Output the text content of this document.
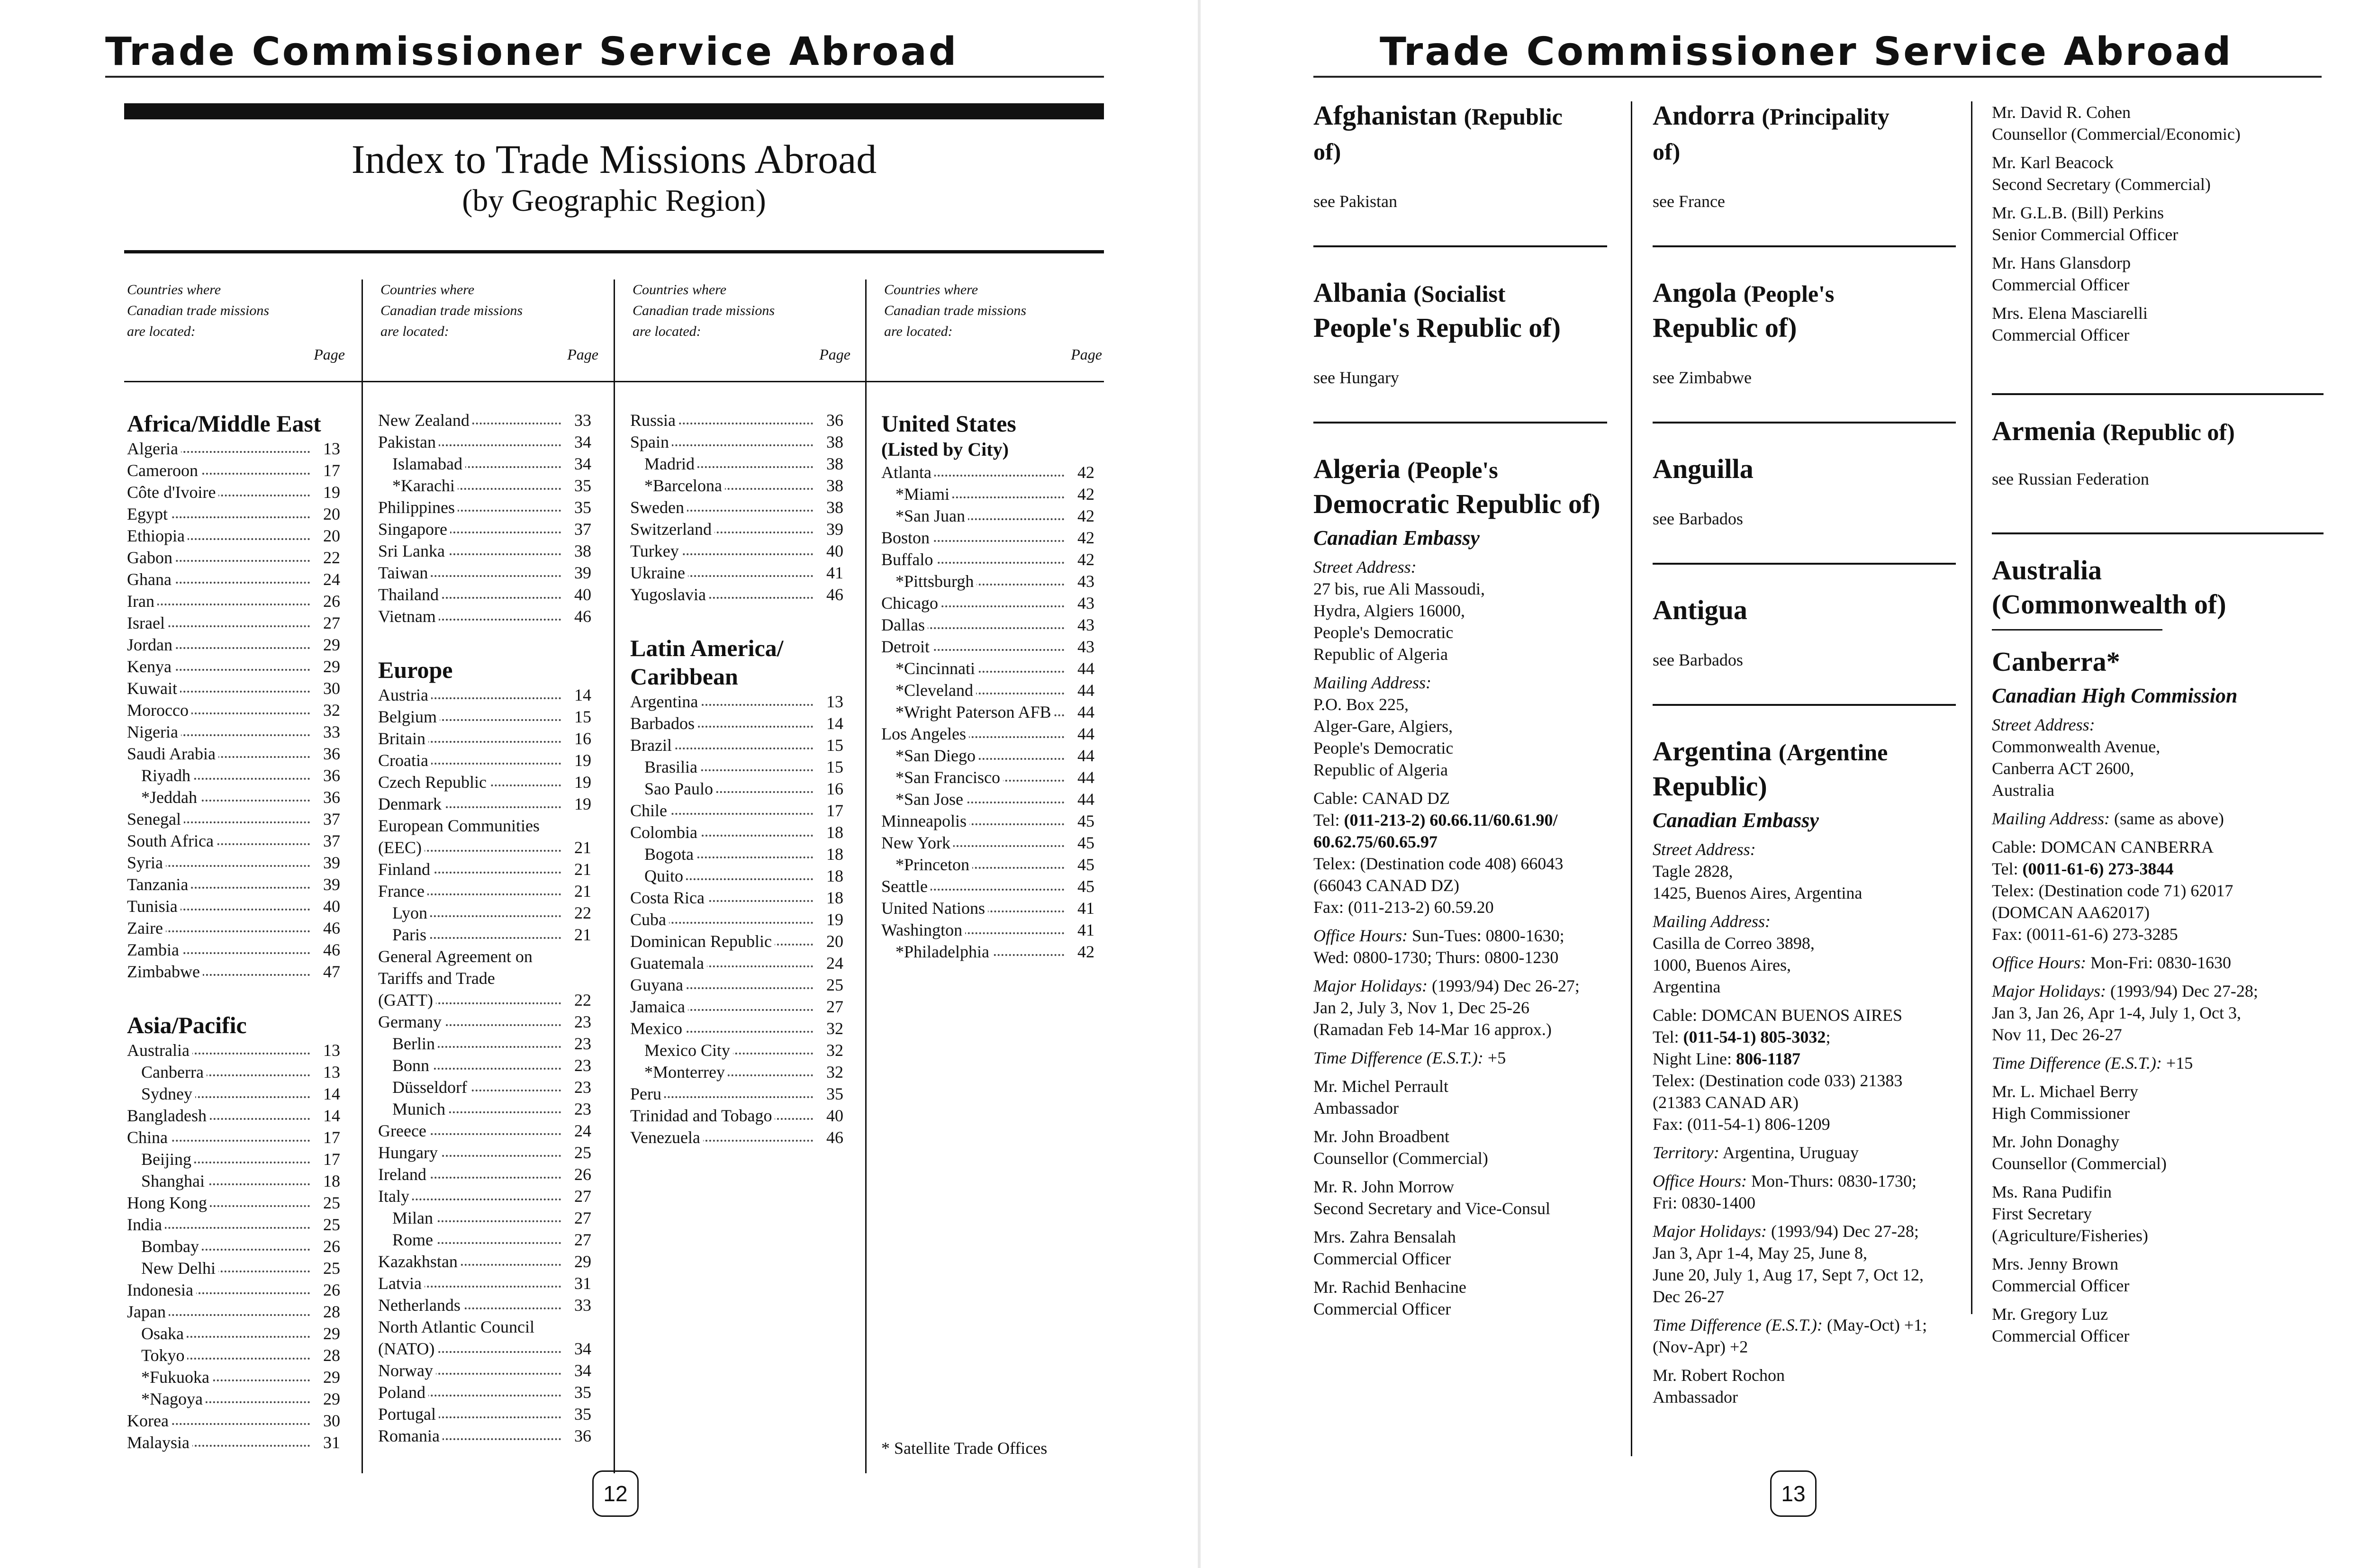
Trade Commissioner Service Abroad
Index to Trade Missions Abroad
(by Geographic Region)
Countries where
Canadian trade missions
are located:
Page
Countries where
Canadian trade missions
are located:
Page
Countries where
Canadian trade missions
are located:
Page
Countries where
Canadian trade missions
are located:
Page
Africa/Middle East
Algeria	13
Cameroon	17
Côte d'Ivoire	19
Egypt	20
Ethiopia	20
Gabon	22
Ghana	24
Iran	26
Israel	27
Jordan	29
Kenya	29
Kuwait	30
Morocco	32
Nigeria	33
Saudi Arabia	36
Riyadh	36
*Jeddah	36
Senegal	37
South Africa	37
Syria	39
Tanzania	39
Tunisia	40
Zaire	46
Zambia	46
Zimbabwe	47
Asia/Pacific
Australia	13
Canberra	13
Sydney	14
Bangladesh	14
China	17
Beijing	17
Shanghai	18
Hong Kong	25
India	25
Bombay	26
New Delhi	25
Indonesia	26
Japan	28
Osaka	29
Tokyo	28
*Fukuoka	29
*Nagoya	29
Korea	30
Malaysia	31
New Zealand	33
Pakistan	34
Islamabad	34
*Karachi	35
Philippines	35
Singapore	37
Sri Lanka	38
Taiwan	39
Thailand	40
Vietnam	46
Europe
Austria	14
Belgium	15
Britain	16
Croatia	19
Czech Republic	19
Denmark	19
European Communities
(EEC)	21
Finland	21
France	21
Lyon	22
Paris	21
General Agreement on
Tariffs and Trade
(GATT)	22
Germany	23
Berlin	23
Bonn	23
Düsseldorf	23
Munich	23
Greece	24
Hungary	25
Ireland	26
Italy	27
Milan	27
Rome	27
Kazakhstan	29
Latvia	31
Netherlands	33
North Atlantic Council
(NATO)	34
Norway	34
Poland	35
Portugal	35
Romania	36
Russia	36
Spain	38
Madrid	38
*Barcelona	38
Sweden	38
Switzerland	39
Turkey	40
Ukraine	41
Yugoslavia	46
Latin America/
Caribbean
Argentina	13
Barbados	14
Brazil	15
Brasilia	15
Sao Paulo	16
Chile	17
Colombia	18
Bogota	18
Quito	18
Costa Rica	18
Cuba	19
Dominican Republic	20
Guatemala	24
Guyana	25
Jamaica	27
Mexico	32
Mexico City	32
*Monterrey	32
Peru	35
Trinidad and Tobago	40
Venezuela	46
United States
(Listed by City)
Atlanta	42
*Miami	42
*San Juan	42
Boston	42
Buffalo	42
*Pittsburgh	43
Chicago	43
Dallas	43
Detroit	43
*Cincinnati	44
*Cleveland	44
*Wright Paterson AFB	44
Los Angeles	44
*San Diego	44
*San Francisco	44
*San Jose	44
Minneapolis	45
New York	45
*Princeton	45
Seattle	45
United Nations	41
Washington	41
*Philadelphia	42
* Satellite Trade Offices
12
Trade Commissioner Service Abroad
Afghanistan (Republic
of)
see Pakistan
Albania (Socialist
People's Republic of)
see Hungary
Algeria (People's
Democratic Republic of)
Canadian Embassy
Street Address:
27 bis, rue Ali Massoudi,
Hydra, Algiers 16000,
People's Democratic
Republic of Algeria
Mailing Address:
P.O. Box 225,
Alger-Gare, Algiers,
People's Democratic
Republic of Algeria
Cable: CANAD DZ
Tel: (011-213-2) 60.66.11/60.61.90/
60.62.75/60.65.97
Telex: (Destination code 408) 66043
(66043 CANAD DZ)
Fax: (011-213-2) 60.59.20
Office Hours: Sun-Tues: 0800-1630;
Wed: 0800-1730; Thurs: 0800-1230
Major Holidays: (1993/94) Dec 26-27;
Jan 2, July 3, Nov 1, Dec 25-26
(Ramadan Feb 14-Mar 16 approx.)
Time Difference (E.S.T.): +5
Mr. Michel Perrault
Ambassador
Mr. John Broadbent
Counsellor (Commercial)
Mr. R. John Morrow
Second Secretary and Vice-Consul
Mrs. Zahra Bensalah
Commercial Officer
Mr. Rachid Benhacine
Commercial Officer
Andorra (Principality
of)
see France
Angola (People's
Republic of)
see Zimbabwe
Anguilla
see Barbados
Antigua
see Barbados
Argentina (Argentine
Republic)
Canadian Embassy
Street Address:
Tagle 2828,
1425, Buenos Aires, Argentina
Mailing Address:
Casilla de Correo 3898,
1000, Buenos Aires,
Argentina
Cable: DOMCAN BUENOS AIRES
Tel: (011-54-1) 805-3032;
Night Line: 806-1187
Telex: (Destination code 033) 21383
(21383 CANAD AR)
Fax: (011-54-1) 806-1209
Territory: Argentina, Uruguay
Office Hours: Mon-Thurs: 0830-1730;
Fri: 0830-1400
Major Holidays: (1993/94) Dec 27-28;
Jan 3, Apr 1-4, May 25, June 8,
June 20, July 1, Aug 17, Sept 7, Oct 12,
Dec 26-27
Time Difference (E.S.T.): (May-Oct) +1;
(Nov-Apr) +2
Mr. Robert Rochon
Ambassador
Mr. David R. Cohen
Counsellor (Commercial/Economic)
Mr. Karl Beacock
Second Secretary (Commercial)
Mr. G.L.B. (Bill) Perkins
Senior Commercial Officer
Mr. Hans Glansdorp
Commercial Officer
Mrs. Elena Masciarelli
Commercial Officer
Armenia (Republic of)
see Russian Federation
Australia
(Commonwealth of)
Canberra*
Canadian High Commission
Street Address:
Commonwealth Avenue,
Canberra ACT 2600,
Australia
Mailing Address: (same as above)
Cable: DOMCAN CANBERRA
Tel: (0011-61-6) 273-3844
Telex: (Destination code 71) 62017
(DOMCAN AA62017)
Fax: (0011-61-6) 273-3285
Office Hours: Mon-Fri: 0830-1630
Major Holidays: (1993/94) Dec 27-28;
Jan 3, Jan 26, Apr 1-4, July 1, Oct 3,
Nov 11, Dec 26-27
Time Difference (E.S.T.): +15
Mr. L. Michael Berry
High Commissioner
Mr. John Donaghy
Counsellor (Commercial)
Ms. Rana Pudifin
First Secretary
(Agriculture/Fisheries)
Mrs. Jenny Brown
Commercial Officer
Mr. Gregory Luz
Commercial Officer
13
